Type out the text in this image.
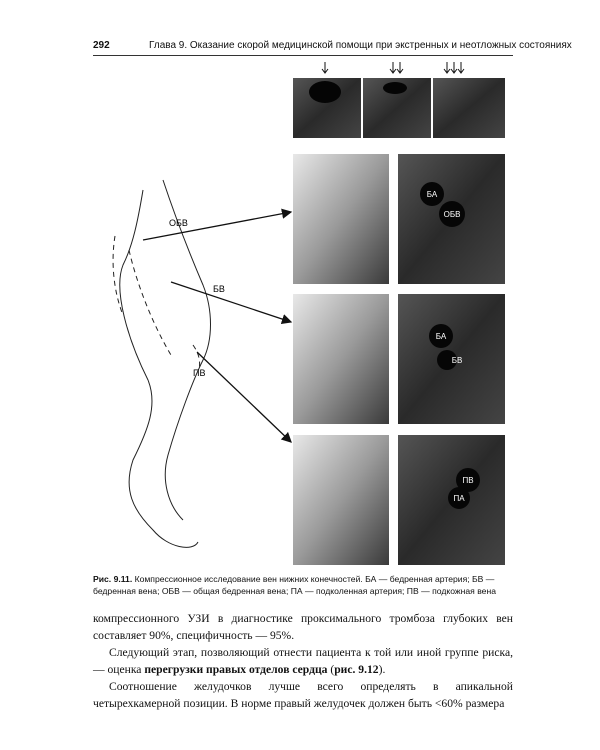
292	Глава 9. Оказание скорой медицинской помощи при экстренных и неотложных состояниях
ОБВ
БВ
ПВ
БА
ОБВ
БА
БВ
ПВ
ПА
Рис. 9.11. Компрессионное исследование вен нижних конечностей. БА — бедренная артерия; БВ — бедренная вена; ОБВ — общая бедренная вена; ПА — подколенная артерия; ПВ — подкожная вена

компрессионного УЗИ в диагностике проксимального тромбоза глубоких вен составляет 90%, специфичность — 95%.

Следующий этап, позволяющий отнести пациента к той или иной группе риска, — оценка перегрузки правых отделов сердца (рис. 9.12).

Соотношение желудочков лучше всего определять в апикальной четырехкамерной позиции. В норме правый желудочек должен быть <60% размера
